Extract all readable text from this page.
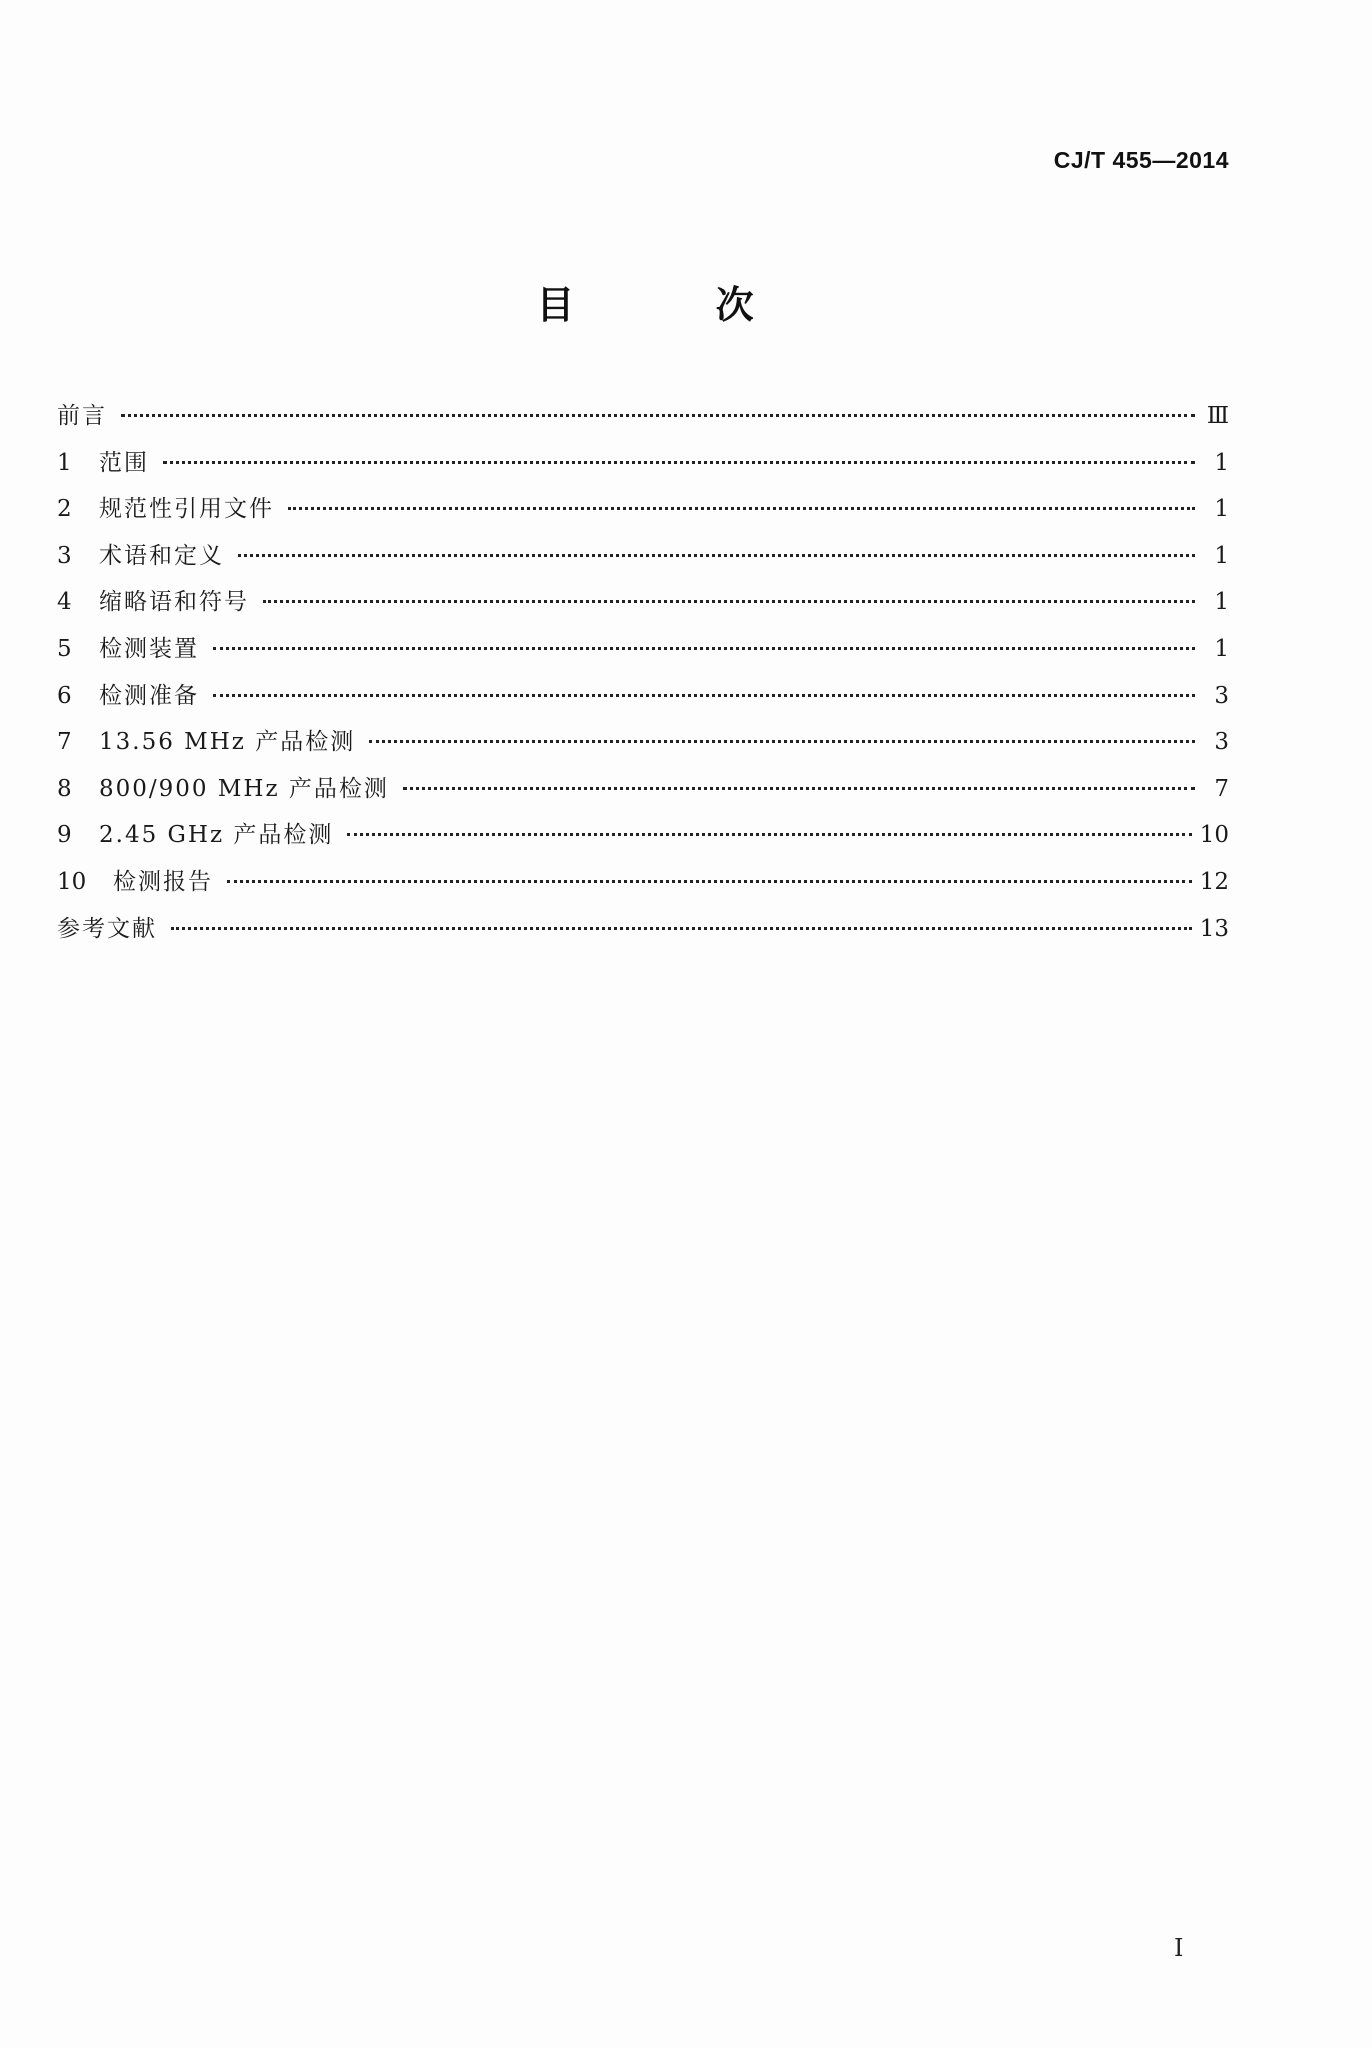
CJ/T 455—2014
目 次
前言	Ⅲ
1	范围	1
2	规范性引用文件	1
3	术语和定义	1
4	缩略语和符号	1
5	检测装置	1
6	检测准备	3
7	13.56 MHz 产品检测	3
8	800/900 MHz 产品检测	7
9	2.45 GHz 产品检测	10
10	检测报告	12
参考文献	13
I
